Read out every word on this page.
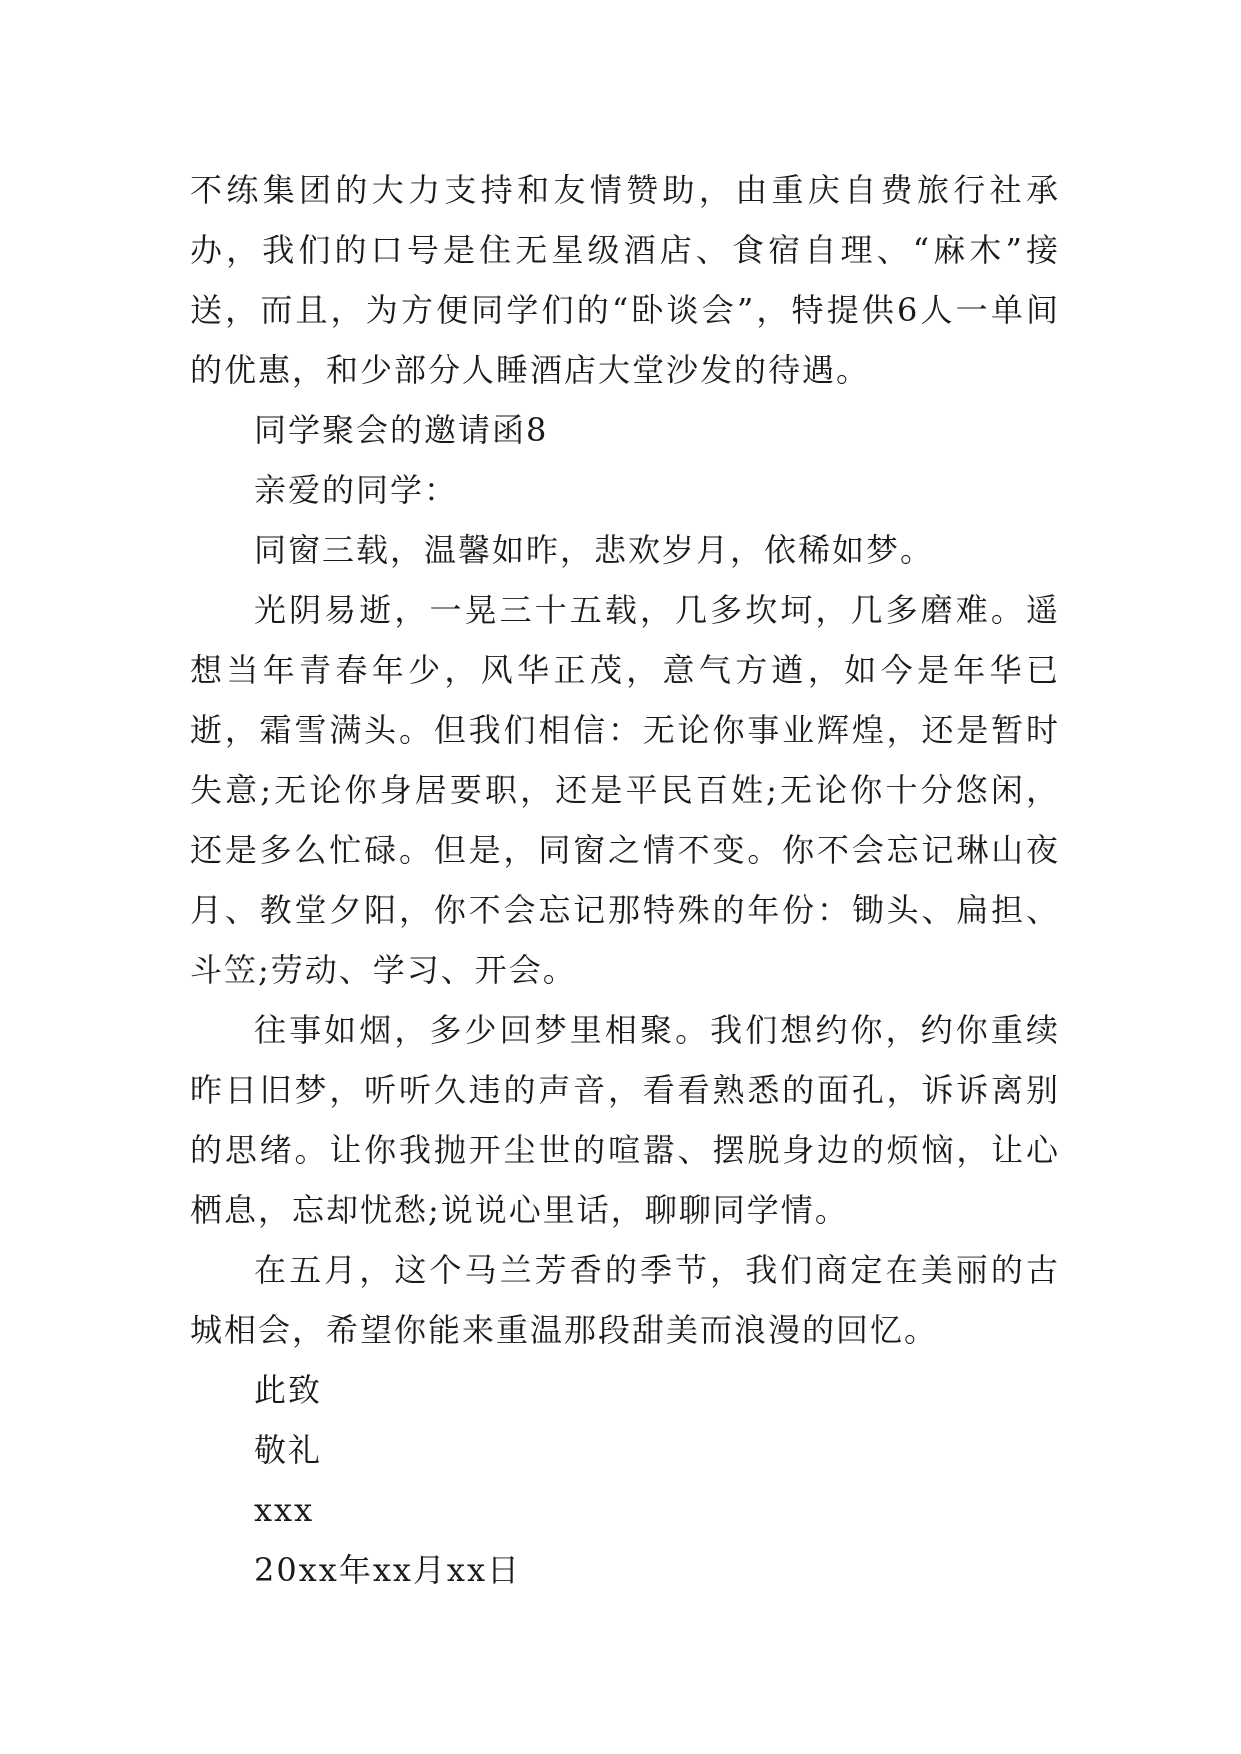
不练集团的大力支持和友情赞助，由重庆自费旅行社承办，我们的口号是住无星级酒店、食宿自理、“麻木”接送，而且，为方便同学们的“卧谈会”，特提供6人一单间的优惠，和少部分人睡酒店大堂沙发的待遇。

同学聚会的邀请函8

亲爱的同学：

同窗三载，温馨如昨，悲欢岁月，依稀如梦。

光阴易逝，一晃三十五载，几多坎坷，几多磨难。遥想当年青春年少，风华正茂，意气方遒，如今是年华已逝，霜雪满头。但我们相信：无论你事业辉煌，还是暂时失意;无论你身居要职，还是平民百姓;无论你十分悠闲，还是多么忙碌。但是，同窗之情不变。你不会忘记琳山夜月、教堂夕阳，你不会忘记那特殊的年份：锄头、扁担、斗笠;劳动、学习、开会。

往事如烟，多少回梦里相聚。我们想约你，约你重续昨日旧梦，听听久违的声音，看看熟悉的面孔，诉诉离别的思绪。让你我抛开尘世的喧嚣、摆脱身边的烦恼，让心栖息，忘却忧愁;说说心里话，聊聊同学情。

在五月，这个马兰芳香的季节，我们商定在美丽的古城相会，希望你能来重温那段甜美而浪漫的回忆。

此致

敬礼

xxx

20xx年xx月xx日
